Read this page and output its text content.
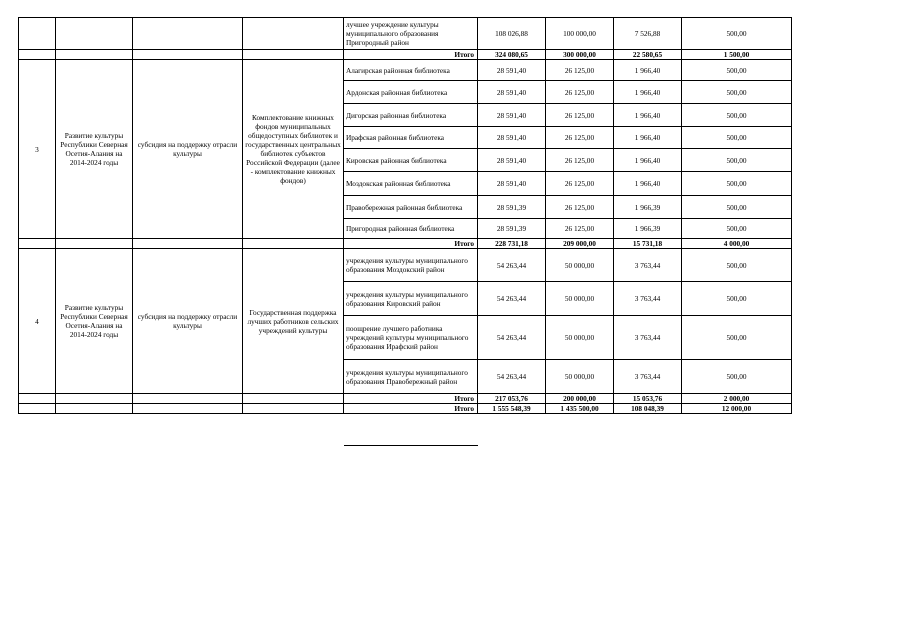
				лучшее учреждение культуры муниципального образования Пригородный район	108 026,88	100 000,00	7 526,88	500,00
				Итого	324 080,65	300 000,00	22 580,65	1 500,00
3	Развитие культуры Республики Северная Осетия-Алания на 2014-2024 годы	субсидия на поддержку отрасли культуры	Комплектование книжных фондов муниципальных общедоступных библиотек и государственных центральных библиотек субъектов Российской Федерации (далее - комплектование книжных фондов)	Алагирская районная библиотека	28 591,40	26 125,00	1 966,40	500,00
				Ардонская районная библиотека	28 591,40	26 125,00	1 966,40	500,00
				Дигорская районная библиотека	28 591,40	26 125,00	1 966,40	500,00
				Ирафская районная библиотека	28 591,40	26 125,00	1 966,40	500,00
				Кировская районная библиотека	28 591,40	26 125,00	1 966,40	500,00
				Моздокская районная библиотека	28 591,40	26 125,00	1 966,40	500,00
				Правобережная районная библиотека	28 591,39	26 125,00	1 966,39	500,00
				Пригородная районная библиотека	28 591,39	26 125,00	1 966,39	500,00
				Итого	228 731,18	209 000,00	15 731,18	4 000,00
4	Развитие культуры Республики Северная Осетия-Алания на 2014-2024 годы	субсидия на поддержку отрасли культуры	Государственная поддержка лучших работников сельских учреждений культуры	учреждения культуры муниципального образования Моздокский район	54 263,44	50 000,00	3 763,44	500,00
				учреждения культуры муниципального образования Кировский район	54 263,44	50 000,00	3 763,44	500,00
				поощрение лучшего работника учреждений культуры муниципального образования Ирафский район	54 263,44	50 000,00	3 763,44	500,00
				учреждения культуры муниципального образования Правобережный район	54 263,44	50 000,00	3 763,44	500,00
				Итого	217 053,76	200 000,00	15 053,76	2 000,00
				Итого	1 555 548,39	1 435 500,00	108 048,39	12 000,00
